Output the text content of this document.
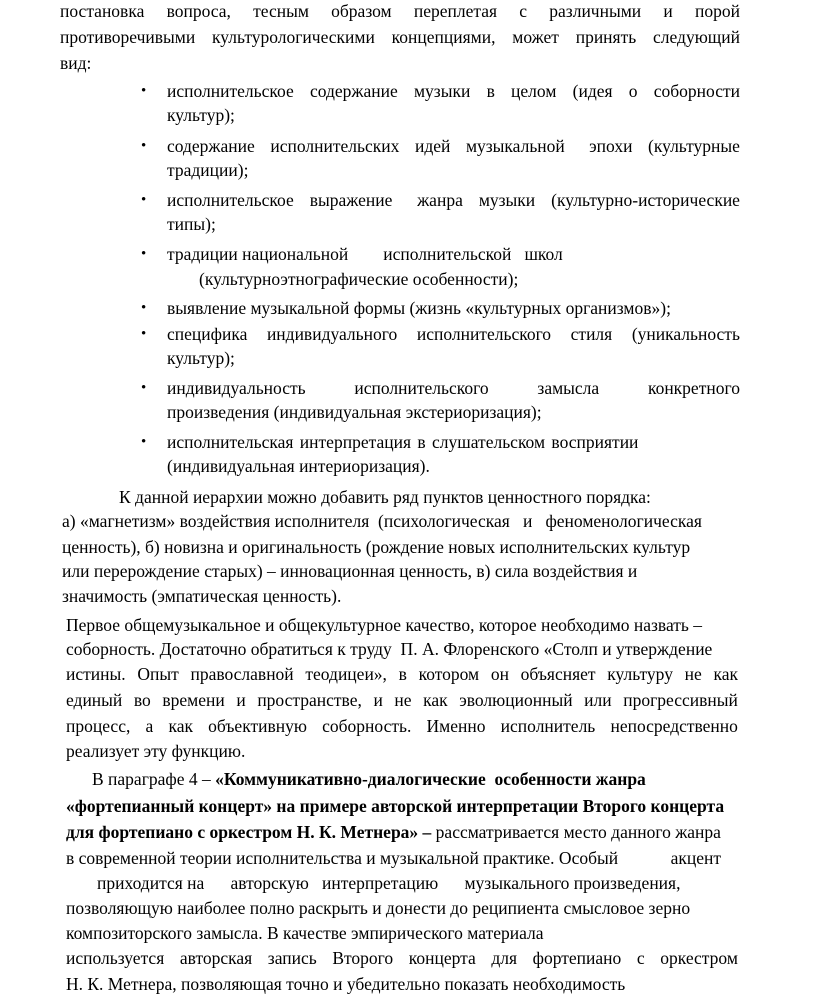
постановка вопроса, тесным образом переплетая с различными и порой
противоречивыми культурологическими концепциями, может принять следующий
вид:
• исполнительское содержание музыки в целом (идея о соборности
культур);
• содержание исполнительских идей музыкальной эпохи (культурные
традиции);
• исполнительское выражение жанра музыки (культурно-исторические
типы);
• традиции национальной        исполнительской   школ
(культурноэтнографические особенности);
• выявление музыкальной формы (жизнь «культурных организмов»);
• специфика индивидуального исполнительского стиля (уникальность
культур);
• индивидуальность	исполнительского	замысла	конкретного
произведения (индивидуальная экстериоризация);
• исполнительская интерпретация в слушательском восприятии
(индивидуальная интериоризация).
К данной иерархии можно добавить ряд пунктов ценностного порядка:
а) «магнетизм» воздействия исполнителя  (психологическая   и   феноменологическая
ценность), б) новизна и оригинальность (рождение новых исполнительских культур
или перерождение старых) – инновационная ценность, в) сила воздействия и
значимость (эмпатическая ценность).
Первое общемузыкальное и общекультурное качество, которое необходимо назвать –
соборность. Достаточно обратиться к труду  П. А. Флоренского «Столп и утверждение
истины. Опыт православной теодицеи», в котором он объясняет культуру не как
единый во времени и пространстве, и не как эволюционный или прогрессивный
процесс, а как объективную соборность. Именно исполнитель непосредственно
реализует эту функцию.
В параграфе 4 – «Коммуникативно-диалогические  особенности жанра
«фортепианный концерт» на примере авторской интерпретации Второго концерта
для фортепиано с оркестром Н. К. Метнера» – рассматривается место данного жанра
в современной теории исполнительства и музыкальной практике. Особый            акцент
приходится на      авторскую   интерпретацию      музыкального произведения,
позволяющую наиболее полно раскрыть и донести до реципиента смысловое зерно
композиторского замысла. В качестве эмпирического материала
используется авторская запись Второго концерта для фортепиано с оркестром
Н. К. Метнера, позволяющая точно и убедительно показать необходимость
